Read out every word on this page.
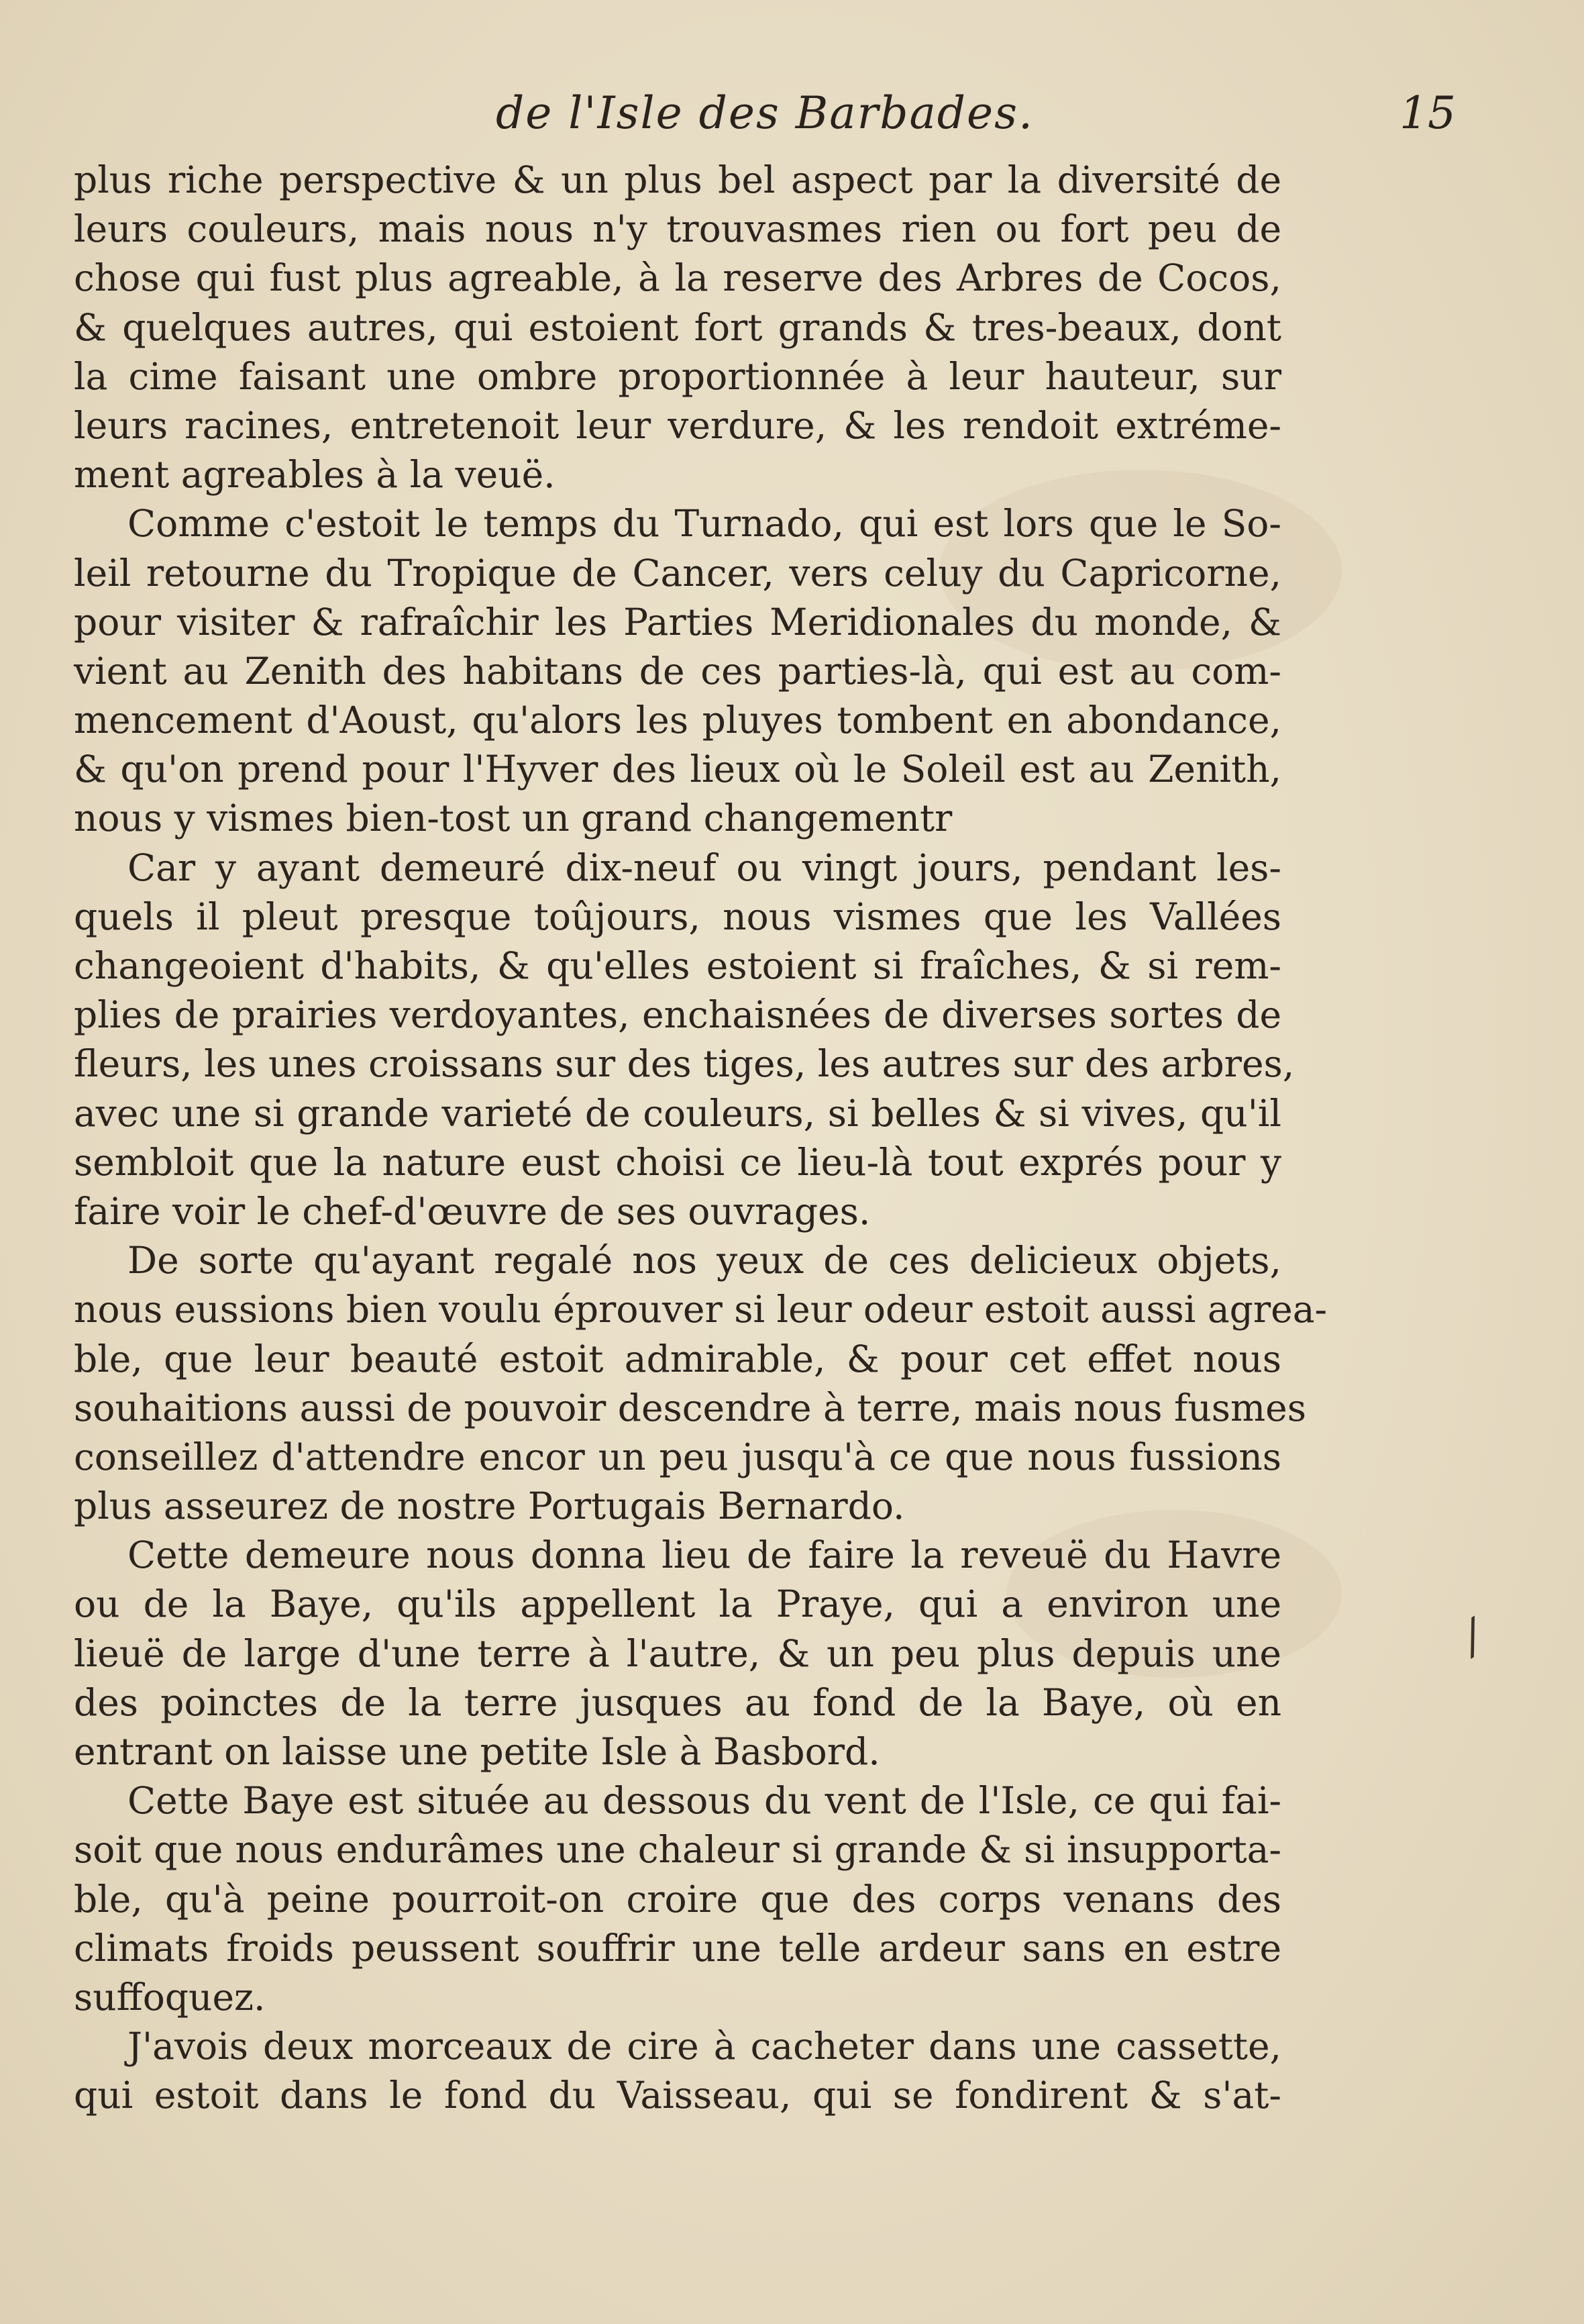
de l'Isle des Barbades.	15
plus riche perspective & un plus bel aspect par la diversité de
leurs couleurs, mais nous n'y trouvasmes rien ou fort peu de
chose qui fust plus agreable, à la reserve des Arbres de Cocos,
& quelques autres, qui estoient fort grands & tres-beaux, dont
la cime faisant une ombre proportionnée à leur hauteur, sur
leurs racines, entretenoit leur verdure, & les rendoit extréme-
ment agreables à la veuë.
Comme c'estoit le temps du Turnado, qui est lors que le So-
leil retourne du Tropique de Cancer, vers celuy du Capricorne,
pour visiter & rafraîchir les Parties Meridionales du monde, &
vient au Zenith des habitans de ces parties-là, qui est au com-
mencement d'Aoust, qu'alors les pluyes tombent en abondance,
& qu'on prend pour l'Hyver des lieux où le Soleil est au Zenith,
nous y vismes bien-tost un grand changementr
Car y ayant demeuré dix-neuf ou vingt jours, pendant les-
quels il pleut presque toûjours, nous vismes que les Vallées
changeoient d'habits, & qu'elles estoient si fraîches, & si rem-
plies de prairies verdoyantes, enchaisnées de diverses sortes de
fleurs, les unes croissans sur des tiges, les autres sur des arbres,
avec une si grande varieté de couleurs, si belles & si vives, qu'il
sembloit que la nature eust choisi ce lieu-là tout exprés pour y
faire voir le chef-d'œuvre de ses ouvrages.
De sorte qu'ayant regalé nos yeux de ces delicieux objets,
nous eussions bien voulu éprouver si leur odeur estoit aussi agrea-
ble, que leur beauté estoit admirable, & pour cet effet nous
souhaitions aussi de pouvoir descendre à terre, mais nous fusmes
conseillez d'attendre encor un peu jusqu'à ce que nous fussions
plus asseurez de nostre Portugais Bernardo.
Cette demeure nous donna lieu de faire la reveuë du Havre
ou de la Baye, qu'ils appellent la Praye, qui a environ une
lieuë de large d'une terre à l'autre, & un peu plus depuis une
des poinctes de la terre jusques au fond de la Baye, où en
entrant on laisse une petite Isle à Basbord.
Cette Baye est située au dessous du vent de l'Isle, ce qui fai-
soit que nous endurâmes une chaleur si grande & si insupporta-
ble, qu'à peine pourroit-on croire que des corps venans des
climats froids peussent souffrir une telle ardeur sans en estre
suffoquez.
J'avois deux morceaux de cire à cacheter dans une cassette,
qui estoit dans le fond du Vaisseau, qui se fondirent & s'at-
⁄
